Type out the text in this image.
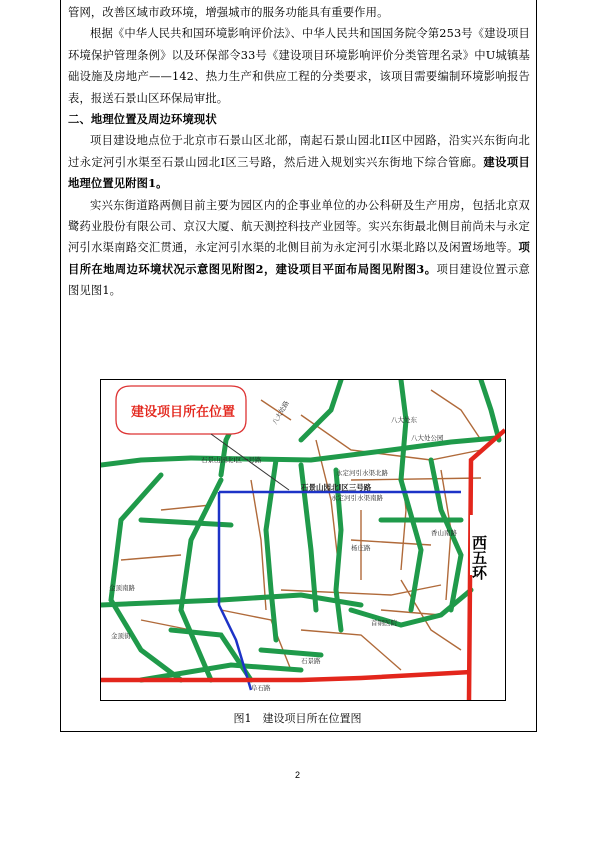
管网，改善区域市政环境，增强城市的服务功能具有重要作用。

根据《中华人民共和国环境影响评价法》、中华人民共和国国务院令第253号《建设项目环境保护管理条例》以及环保部令33号《建设项目环境影响评价分类管理名录》中U城镇基础设施及房地产——142、热力生产和供应工程的分类要求，该项目需要编制环境影响报告表，报送石景山区环保局审批。

二、地理位置及周边环境现状

项目建设地点位于北京市石景山区北部，南起石景山园北II区中园路，沿实兴东街向北过永定河引水渠至石景山园北I区三号路，然后进入规划实兴东街地下综合管廊。建设项目地理位置见附图1。

实兴东街道路两侧目前主要为园区内的企事业单位的办公科研及生产用房，包括北京双鹭药业股份有限公司、京汉大厦、航天测控科技产业园等。实兴东街最北侧目前尚未与永定河引水渠南路交汇贯通，永定河引水渠的北侧目前为永定河引水渠北路以及闲置场地等。项目所在地周边环境状况示意图见附图2，建设项目平面布局图见附图3。项目建设位置示意图见图1。

建设项目所在位置
西五环
石景山园北I区一号路
石景山园北I区三号路
永定河引水渠北路
永定河引水渠南路
首钢医院
石景路
八大处东
八大处公园
香山南路
金顶南路
金顶街
杨庄路
阜石路
八大处路
图1　建设项目所在位置图
2
